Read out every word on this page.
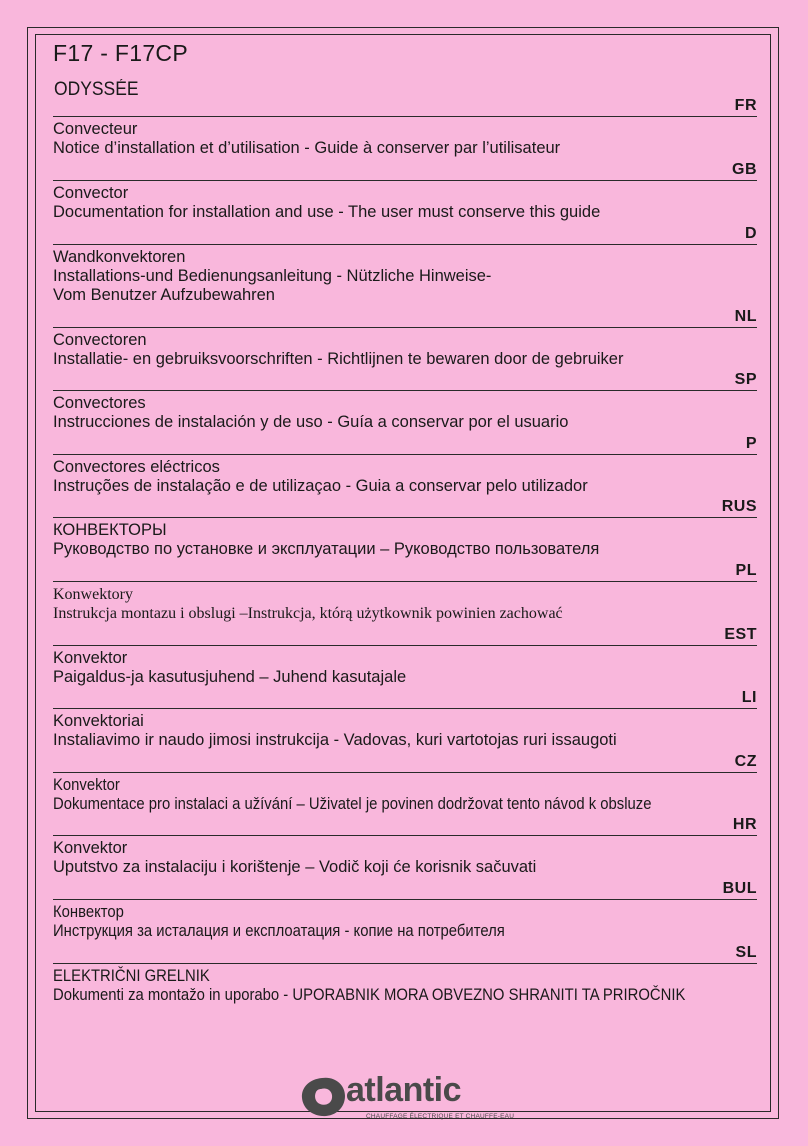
F17 - F17CP
ODYSSÉE
FR
Convecteur
Notice d’installation et d’utilisation - Guide à conserver par l’utilisateur
GB
Convector
Documentation for installation and use - The user must conserve this guide
D
Wandkonvektoren
Installations-und Bedienungsanleitung - Nützliche Hinweise-
Vom Benutzer Aufzubewahren
NL
Convectoren
Installatie- en gebruiksvoorschriften - Richtlijnen te bewaren door de gebruiker
SP
Convectores
Instrucciones de instalación y de uso - Guía a conservar por el usuario
P
Convectores eléctricos
Instruções de instalação e de utilizaçao - Guia a conservar pelo utilizador
RUS
КОНВЕКТОРЫ
Руководство по установке и эксплуатации – Руководство пользователя
PL
Konwektory
Instrukcja montazu i obslugi –Instrukcja, którą użytkownik powinien zachować
EST
Konvektor
Paigaldus-ja kasutusjuhend – Juhend kasutajale
LI
Konvektoriai
Instaliavimo ir naudo jimosi instrukcija - Vadovas, kuri vartotojas ruri issaugoti
CZ
Konvektor
Dokumentace pro instalaci a užívání – Uživatel je povinen dodržovat tento návod k obsluze
HR
Konvektor
Uputstvo za instalaciju i korištenje – Vodič koji će korisnik sačuvati
BUL
Конвектор
Инструкция за исталация и експлоатация - копие на потребителя
SL
ELEKTRIČNI GRELNIK
Dokumenti za montažo in uporabo - UPORABNIK MORA OBVEZNO SHRANITI TA PRIROČNIK
atlantic
CHAUFFAGE ÉLECTRIQUE ET CHAUFFE-EAU
